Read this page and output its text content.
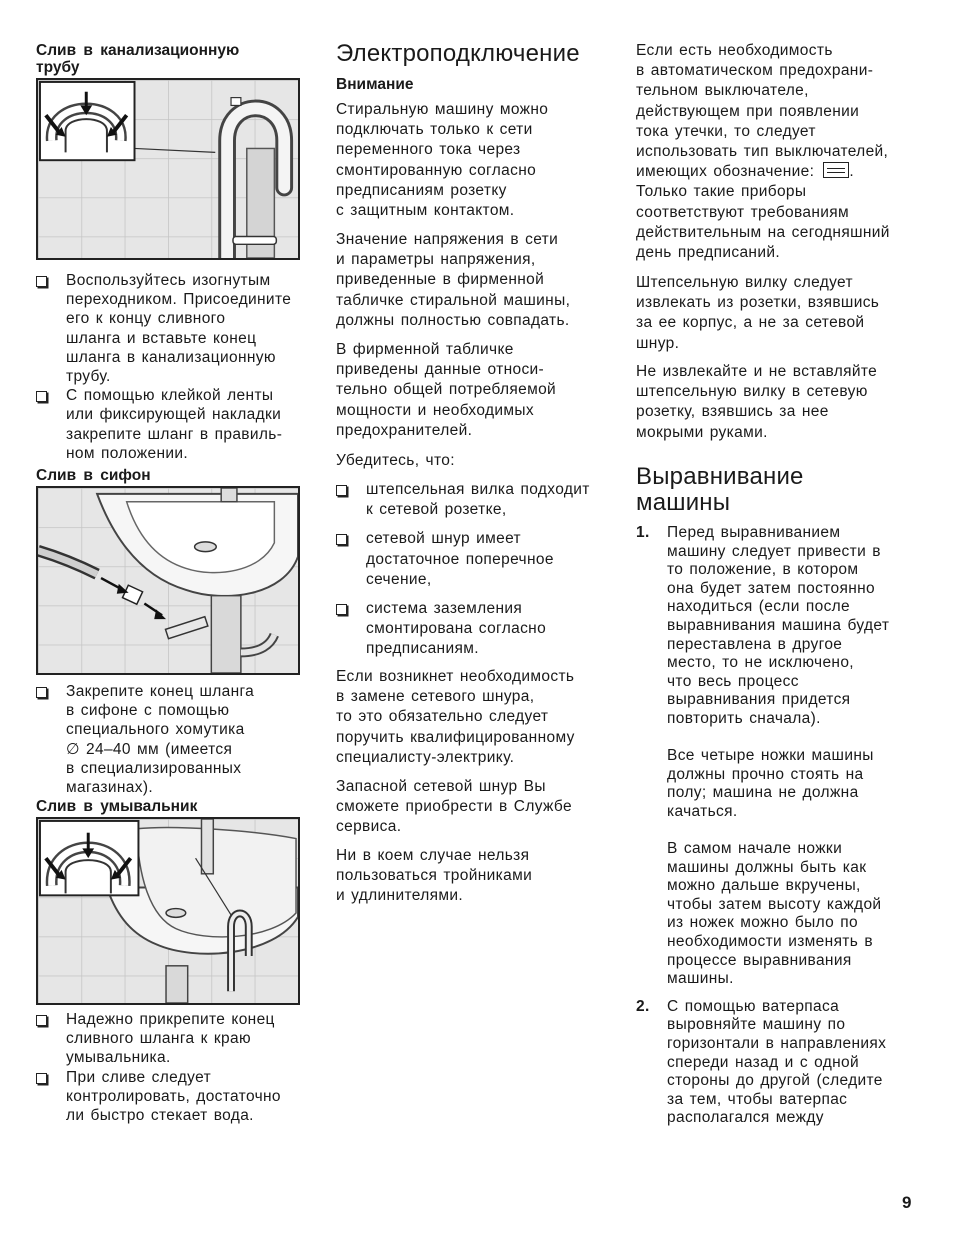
Слив в канализационную
трубу
Воспользуйтесь изогнутым
переходником. Присоедините
его к концу сливного
шланга и вставьте конец
шланга в канализационную
трубу.
С помощью клейкой ленты
или фиксирующей накладки
закрепите шланг в правиль-
ном положении.
Слив в сифон
Закрепите конец шланга
в сифоне с помощью
специального хомутика
∅ 24–40 мм (имеется
в специализированных
магазинах).
Слив в умывальник
Надежно прикрепите конец
сливного шланга к краю
умывальника.
При сливе следует
контролировать, достаточно
ли быстро стекает вода.
Электроподключение
Внимание

Стиральную машину можно
подключать только к сети
переменного тока через
смонтированную согласно
предписаниям розетку
с защитным контактом.

Значение напряжения в сети
и параметры напряжения,
приведенные в фирменной
табличке стиральной машины,
должны полностью совпадать.

В фирменной табличке
приведены данные относи-
тельно общей потребляемой
мощности и необходимых
предохранителей.

Убедитесь, что:

штепсельная вилка подходит
к сетевой розетке,
сетевой шнур имеет
достаточное поперечное
сечение,
система заземления
смонтирована согласно
предписаниям.

Если возникнет необходимость
в замене сетевого шнура,
то это обязательно следует
поручить квалифицированному
специалисту-электрику.

Запасной сетевой шнур Вы
сможете приобрести в Службе
сервиса.

Ни в коем случае нельзя
пользоваться тройниками
и удлинителями.

Если есть необходимость
в автоматическом предохрани-
тельном выключателе,
действующем при появлении
тока утечки, то следует
использовать тип выключателей,
имеющих обозначение: .
Только такие приборы
соответствуют требованиям
действительным на сегодняшний
день предписаний.

Штепсельную вилку следует
извлекать из розетки, взявшись
за ее корпус, а не за сетевой
шнур.

Не извлекайте и не вставляйте
штепсельную вилку в сетевую
розетку, взявшись за нее
мокрыми руками.

Выравнивание
машины
1. Перед выравниванием
машину следует привести в
то положение, в котором
она будет затем постоянно
находиться (если после
выравнивания машина будет
переставлена в другое
место, то не исключено,
что весь процесс
выравнивания придется
повторить сначала).

Все четыре ножки машины
должны прочно стоять на
полу; машина не должна
качаться.

В самом начале ножки
машины должны быть как
можно дальше вкручены,
чтобы затем высоту каждой
из ножек можно было по
необходимости изменять в
процессе выравнивания
машины.
2. С помощью ватерпаса
выровняйте машину по
горизонтали в направлениях
спереди назад и с одной
стороны до другой (следите
за тем, чтобы ватерпас
располагался между
9
